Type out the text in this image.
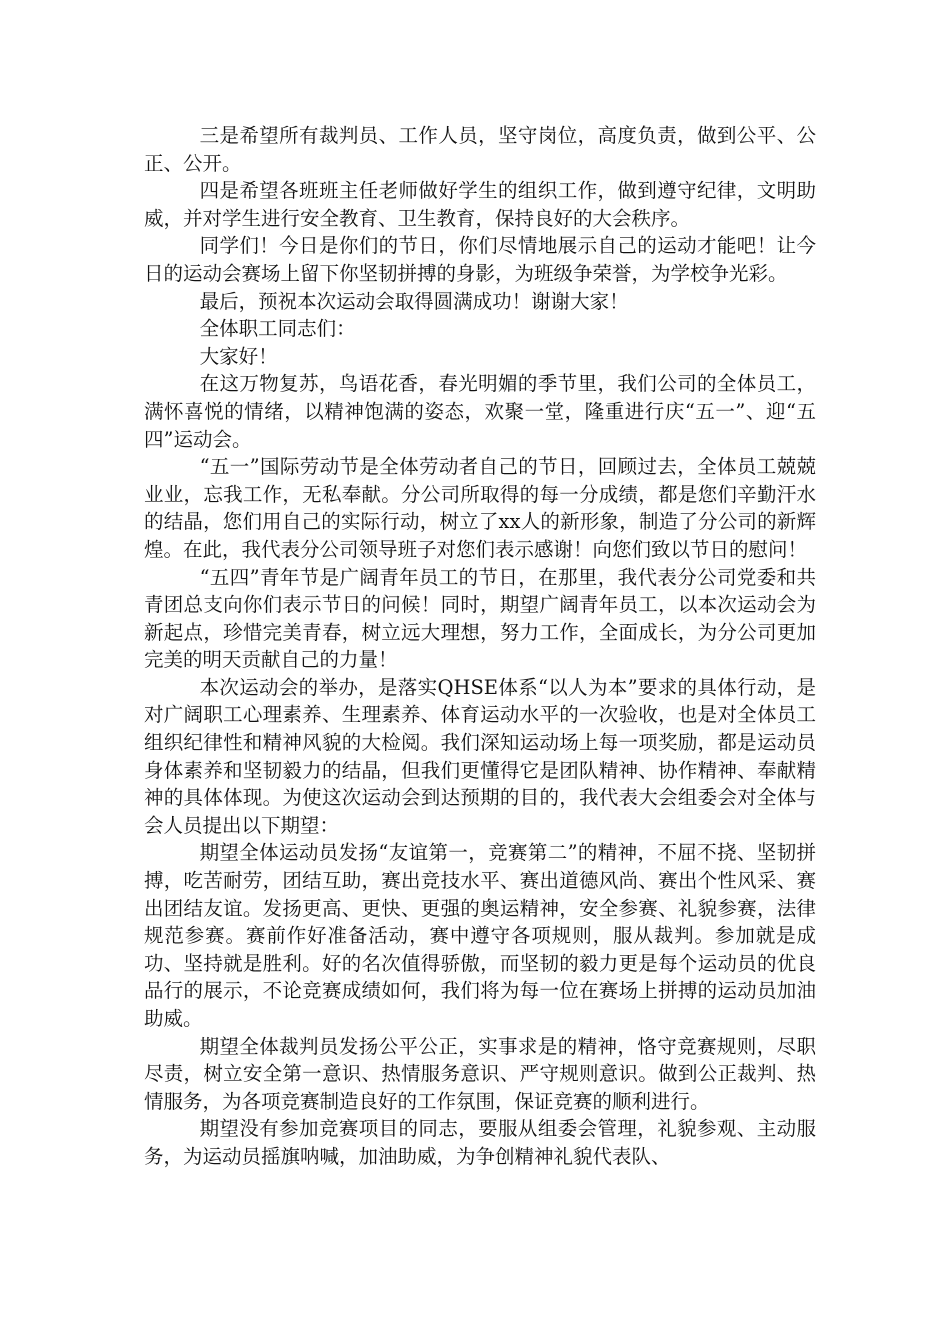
三是希望所有裁判员、工作人员，坚守岗位，高度负责，做到公平、公正、公开。

四是希望各班班主任老师做好学生的组织工作，做到遵守纪律，文明助威，并对学生进行安全教育、卫生教育，保持良好的大会秩序。

同学们！今日是你们的节日，你们尽情地展示自己的运动才能吧！让今日的运动会赛场上留下你坚韧拼搏的身影，为班级争荣誉，为学校争光彩。

最后，预祝本次运动会取得圆满成功！谢谢大家！

全体职工同志们：

大家好！

在这万物复苏，鸟语花香，春光明媚的季节里，我们公司的全体员工，满怀喜悦的情绪，以精神饱满的姿态，欢聚一堂，隆重进行庆“五一”、迎“五四”运动会。

“五一”国际劳动节是全体劳动者自己的节日，回顾过去，全体员工兢兢业业，忘我工作，无私奉献。分公司所取得的每一分成绩，都是您们辛勤汗水的结晶，您们用自己的实际行动，树立了xx人的新形象，制造了分公司的新辉煌。在此，我代表分公司领导班子对您们表示感谢！向您们致以节日的慰问！

“五四”青年节是广阔青年员工的节日，在那里，我代表分公司党委和共青团总支向你们表示节日的问候！同时，期望广阔青年员工，以本次运动会为新起点，珍惜完美青春，树立远大理想，努力工作，全面成长，为分公司更加完美的明天贡献自己的力量！

本次运动会的举办，是落实QHSE体系“以人为本”要求的具体行动，是对广阔职工心理素养、生理素养、体育运动水平的一次验收，也是对全体员工组织纪律性和精神风貌的大检阅。我们深知运动场上每一项奖励，都是运动员身体素养和坚韧毅力的结晶，但我们更懂得它是团队精神、协作精神、奉献精神的具体体现。为使这次运动会到达预期的目的，我代表大会组委会对全体与会人员提出以下期望：

期望全体运动员发扬“友谊第一，竞赛第二”的精神，不屈不挠、坚韧拼搏，吃苦耐劳，团结互助，赛出竞技水平、赛出道德风尚、赛出个性风采、赛出团结友谊。发扬更高、更快、更强的奥运精神，安全参赛、礼貌参赛，法律规范参赛。赛前作好准备活动，赛中遵守各项规则，服从裁判。参加就是成功、坚持就是胜利。好的名次值得骄傲，而坚韧的毅力更是每个运动员的优良品行的展示，不论竞赛成绩如何，我们将为每一位在赛场上拼搏的运动员加油助威。

期望全体裁判员发扬公平公正，实事求是的精神，恪守竞赛规则，尽职尽责，树立安全第一意识、热情服务意识、严守规则意识。做到公正裁判、热情服务，为各项竞赛制造良好的工作氛围，保证竞赛的顺利进行。

期望没有参加竞赛项目的同志，要服从组委会管理，礼貌参观、主动服务，为运动员摇旗呐喊，加油助威，为争创精神礼貌代表队、
